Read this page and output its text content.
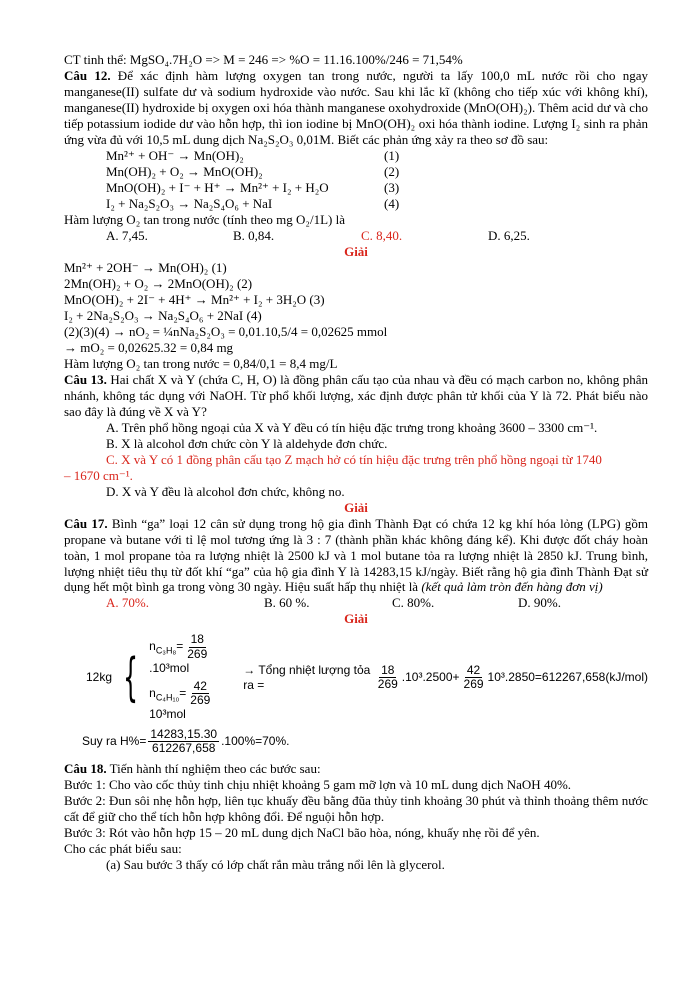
CT tinh thể: MgSO₄.7H₂O => M = 246 => %O = 11.16.100%/246 = 71,54%

Câu 12. Để xác định hàm lượng oxygen tan trong nước, người ta lấy 100,0 mL nước rồi cho ngay manganese(II) sulfate dư và sodium hydroxide vào nước. Sau khi lắc kĩ (không cho tiếp xúc với không khí), manganese(II) hydroxide bị oxygen oxi hóa thành manganese oxohydroxide (MnO(OH)₂). Thêm acid dư và cho tiếp potassium iodide dư vào hỗn hợp, thì ion iodine bị MnO(OH)₂ oxi hóa thành iodine. Lượng I₂ sinh ra phản ứng vừa đủ với 10,5 mL dung dịch Na₂S₂O₃ 0,01M. Biết các phản ứng xảy ra theo sơ đồ sau:

Mn²⁺ + OH⁻ → Mn(OH)₂	(1)
Mn(OH)₂ + O₂ → MnO(OH)₂	(2)
MnO(OH)₂ + I⁻ + H⁺ → Mn²⁺ + I₂ + H₂O	(3)
I₂ + Na₂S₂O₃ → Na₂S₄O₆ + NaI	(4)

Hàm lượng O₂ tan trong nước (tính theo mg O₂/1L) là

A. 7,45.	B. 0,84.	C. 8,40.	D. 6,25.

Giải

Mn²⁺ + 2OH⁻ → Mn(OH)₂ (1)

2Mn(OH)₂ + O₂ → 2MnO(OH)₂ (2)

MnO(OH)₂ + 2I⁻ + 4H⁺ → Mn²⁺ + I₂ + 3H₂O (3)

I₂ + 2Na₂S₂O₃ → Na₂S₄O₆ + 2NaI (4)

(2)(3)(4) → nO₂ = ¼nNa₂S₂O₃ = 0,01.10,5/4 = 0,02625 mmol

→ mO₂ = 0,02625.32 = 0,84 mg

Hàm lượng O₂ tan trong nước = 0,84/0,1 = 8,4 mg/L

Câu 13. Hai chất X và Y (chứa C, H, O) là đồng phân cấu tạo của nhau và đều có mạch carbon no, không phân nhánh, không tác dụng với NaOH. Từ phổ khối lượng, xác định được phân tử khối của Y là 72. Phát biểu nào sao đây là đúng về X và Y?

A. Trên phổ hồng ngoại của X và Y đều có tín hiệu đặc trưng trong khoảng 3600 – 3300 cm⁻¹.

B. X là alcohol đơn chức còn Y là aldehyde đơn chức.

C. X và Y có 1 đồng phân cấu tạo Z mạch hở có tín hiệu đặc trưng trên phổ hồng ngoại từ 1740

– 1670 cm⁻¹.

D. X và Y đều là alcohol đơn chức, không no.

Giải

Câu 17. Bình “ga” loại 12 cân sử dụng trong hộ gia đình Thành Đạt có chứa 12 kg khí hóa lỏng (LPG) gồm propane và butane với tỉ lệ mol tương ứng là 3 : 7 (thành phần khác không đáng kể). Khi được đốt cháy hoàn toàn, 1 mol propane tỏa ra lượng nhiệt là 2500 kJ và 1 mol butane tỏa ra lượng nhiệt là 2850 kJ. Trung bình, lượng nhiệt tiêu thụ từ đốt khí “ga” của hộ gia đình Y là 14283,15 kJ/ngày. Biết rằng hộ gia đình Thành Đạt sử dụng hết một bình ga trong vòng 30 ngày. Hiệu suất hấp thụ nhiệt là (kết quả làm tròn đến hàng đơn vị)

A. 70%.	B. 60 %.	C. 80%.	D. 90%.

Giải

12kg {
$n_{C_3H_8}= \frac{18}{269}$
.10³mol
$n_{C_4H_{10}}= \frac{42}{269}$
10³mol
→ Tổng nhiệt lượng tỏa ra =	$\frac{18}{269} .10^3.2500+ \frac{42}{269} 10^3.2850=612267,658(kJ/mol)$
Suy ra $H\%= \frac{14283,15.30}{612267,658} .100\%=70\%$.

Câu 18. Tiến hành thí nghiệm theo các bước sau:

Bước 1: Cho vào cốc thủy tinh chịu nhiệt khoảng 5 gam mỡ lợn và 10 mL dung dịch NaOH 40%.

Bước 2: Đun sôi nhẹ hỗn hợp, liên tục khuấy đều bằng đũa thủy tinh khoảng 30 phút và thỉnh thoảng thêm nước cất để giữ cho thể tích hỗn hợp không đổi. Để nguội hỗn hợp.

Bước 3: Rót vào hỗn hợp 15 – 20 mL dung dịch NaCl bão hòa, nóng, khuấy nhẹ rồi để yên.

Cho các phát biểu sau:

(a) Sau bước 3 thấy có lớp chất rắn màu trắng nổi lên là glycerol.
